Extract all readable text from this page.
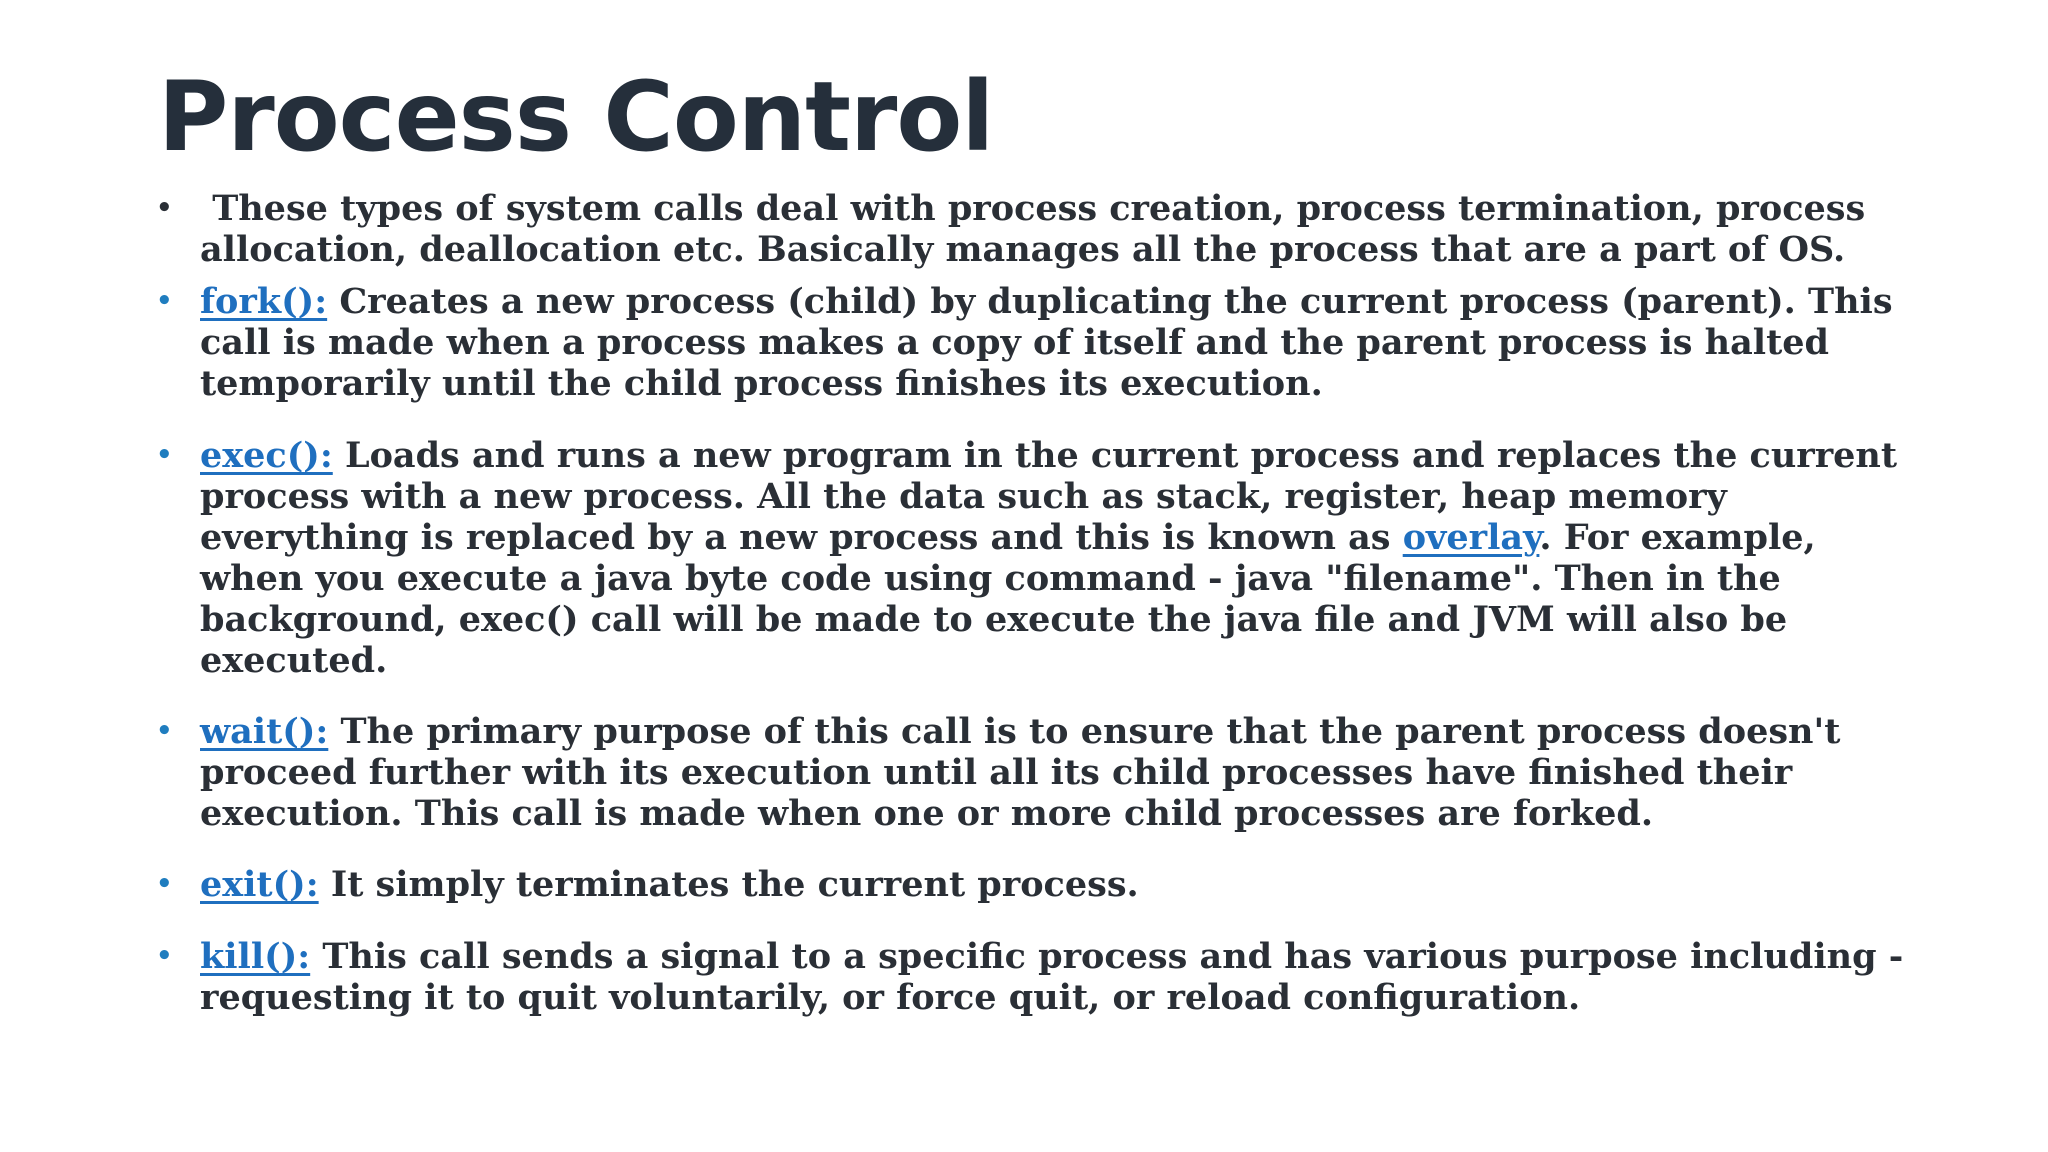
Process Control
• These types of system calls deal with process creation, process termination, process allocation, deallocation etc. Basically manages all the process that are a part of OS.
• fork(): Creates a new process (child) by duplicating the current process (parent). This call is made when a process makes a copy of itself and the parent process is halted temporarily until the child process finishes its execution.
• exec(): Loads and runs a new program in the current process and replaces the current process with a new process. All the data such as stack, register, heap memory everything is replaced by a new process and this is known as overlay. For example, when you execute a java byte code using command - java "filename". Then in the background, exec() call will be made to execute the java file and JVM will also be executed.
• wait(): The primary purpose of this call is to ensure that the parent process doesn't proceed further with its execution until all its child processes have finished their execution. This call is made when one or more child processes are forked.
• exit(): It simply terminates the current process.
• kill(): This call sends a signal to a specific process and has various purpose including - requesting it to quit voluntarily, or force quit, or reload configuration.
